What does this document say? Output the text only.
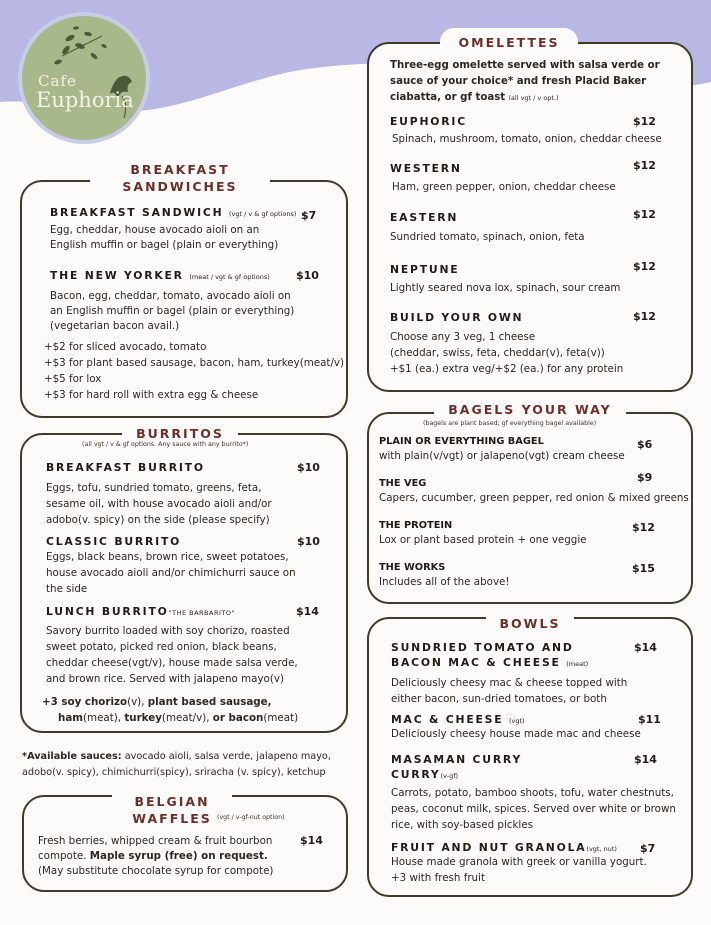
Cafe
Euphoria
BREAKFAST
SANDWICHES
BREAKFAST SANDWICH (vgt / v & gf options) $7
Egg, cheddar, house avocado aioli on an
English muffin or bagel (plain or everything)
THE NEW YORKER (meat / vgt & gf options) $10
Bacon, egg, cheddar, tomato, avocado aioli on
an English muffin or bagel (plain or everything)
(vegetarian bacon avail.)
+$2 for sliced avocado, tomato
+$3 for plant based sausage, bacon, ham, turkey(meat/v)
+$5 for lox
+$3 for hard roll with extra egg & cheese
BURRITOS
(all vgt / v & gf options. Any sauce with any burrito*)
BREAKFAST BURRITO	$10
Eggs, tofu, sundried tomato, greens, feta,
sesame oil, with house avocado aioli and/or
adobo(v. spicy) on the side (please specify)
CLASSIC BURRITO	$10
Eggs, black beans, brown rice, sweet potatoes,
house avocado aioli and/or chimichurri sauce on
the side
LUNCH BURRITO"THE BARBARITO"	$14
Savory burrito loaded with soy chorizo, roasted
sweet potato, picked red onion, black beans,
cheddar cheese(vgt/v), house made salsa verde,
and brown rice. Served with jalapeno mayo(v)
+3 soy chorizo(v), plant based sausage,
ham(meat), turkey(meat/v), or bacon(meat)
*Available sauces: avocado aioli, salsa verde, jalapeno mayo,
adobo(v. spicy), chimichurri(spicy), sriracha (v. spicy), ketchup
BELGIAN
WAFFLES (vgt / v-gf-nut option)
$14
Fresh berries, whipped cream & fruit bourbon
compote. Maple syrup (free) on request.
(May substitute chocolate syrup for compote)
OMELETTES
Three-egg omelette served with salsa verde or
sauce of your choice* and fresh Placid Baker
ciabatta, or gf toast (all vgt / v opt.)
EUPHORIC	$12
Spinach, mushroom, tomato, onion, cheddar cheese
WESTERN	$12
Ham, green pepper, onion, cheddar cheese
EASTERN	$12
Sundried tomato, spinach, onion, feta
NEPTUNE	$12
Lightly seared nova lox, spinach, sour cream
BUILD YOUR OWN	$12
Choose any 3 veg, 1 cheese
(cheddar, swiss, feta, cheddar(v), feta(v))
+$1 (ea.) extra veg/+$2 (ea.) for any protein
BAGELS YOUR WAY
(bagels are plant based; gf everything bagel available)
PLAIN OR EVERYTHING BAGEL	$6
with plain(v/vgt) or jalapeno(vgt) cream cheese
THE VEG	$9
Capers, cucumber, green pepper, red onion & mixed greens
THE PROTEIN	$12
Lox or plant based protein + one veggie
THE WORKS	$15
Includes all of the above!
BOWLS
SUNDRIED TOMATO AND
BACON MAC & CHEESE (meat)
$14
Deliciously cheesy mac & cheese topped with
either bacon, sun-dried tomatoes, or both
MAC & CHEESE (vgt)	$11
Deliciously cheesy house made mac and cheese
MASAMAN CURRY
CURRY(v-gf)
$14
Carrots, potato, bamboo shoots, tofu, water chestnuts,
peas, coconut milk, spices. Served over white or brown
rice, with soy-based pickles
FRUIT AND NUT GRANOLA(vgt, nut) $7
House made granola with greek or vanilla yogurt.
+3 with fresh fruit
